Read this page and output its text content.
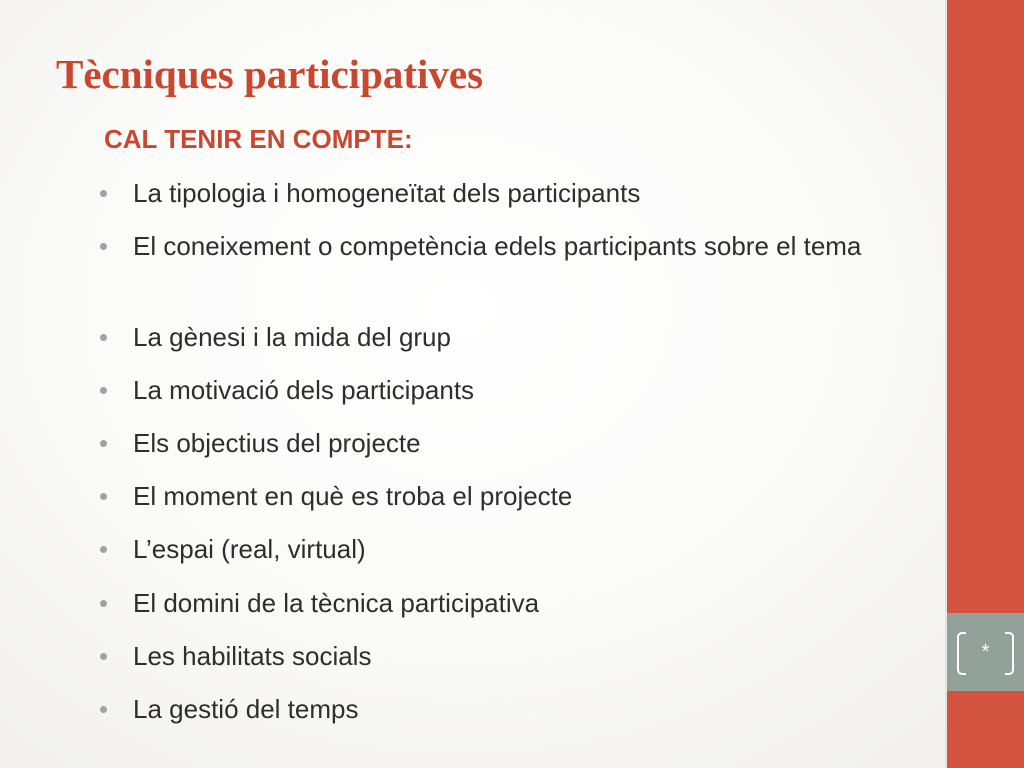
Tècniques participatives
CAL TENIR EN COMPTE:
La tipologia i homogeneïtat dels participants
El coneixement o competència edels participants sobre el tema
La gènesi i la mida del grup
La motivació dels participants
Els objectius del projecte
El moment en què es troba el projecte
L’espai (real, virtual)
El domini de la tècnica participativa
Les habilitats socials
La gestió del temps
*
